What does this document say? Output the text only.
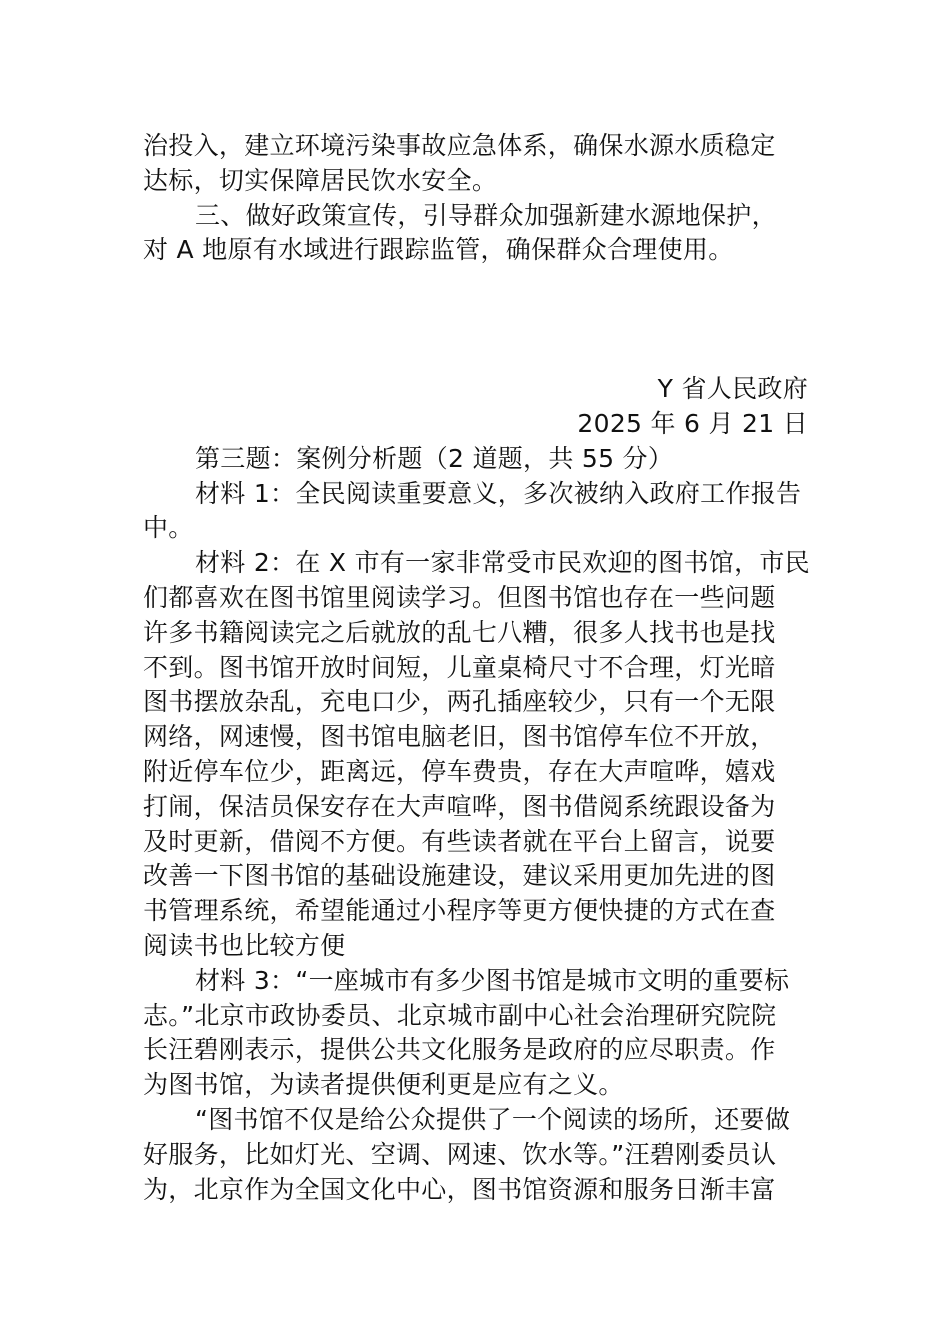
治投入，建立环境污染事故应急体系，确保水源水质稳定
达标，切实保障居民饮水安全。
三、做好政策宣传，引导群众加强新建水源地保护，
对 A 地原有水域进行跟踪监管，确保群众合理使用。
Y 省人民政府
2025 年 6 月 21 日
第三题：案例分析题（2 道题，共 55 分）
材料 1：全民阅读重要意义，多次被纳入政府工作报告
中。
材料 2：在 X 市有一家非常受市民欢迎的图书馆，市民
们都喜欢在图书馆里阅读学习。但图书馆也存在一些问题
许多书籍阅读完之后就放的乱七八糟，很多人找书也是找
不到。图书馆开放时间短，儿童桌椅尺寸不合理，灯光暗
图书摆放杂乱，充电口少，两孔插座较少，只有一个无限
网络，网速慢，图书馆电脑老旧，图书馆停车位不开放，
附近停车位少，距离远，停车费贵，存在大声喧哗，嬉戏
打闹，保洁员保安存在大声喧哗，图书借阅系统跟设备为
及时更新，借阅不方便。有些读者就在平台上留言，说要
改善一下图书馆的基础设施建设，建议采用更加先进的图
书管理系统，希望能通过小程序等更方便快捷的方式在查
阅读书也比较方便
材料 3：“一座城市有多少图书馆是城市文明的重要标
志。”北京市政协委员、北京城市副中心社会治理研究院院
长汪碧刚表示，提供公共文化服务是政府的应尽职责。作
为图书馆，为读者提供便利更是应有之义。
“图书馆不仅是给公众提供了一个阅读的场所，还要做
好服务，比如灯光、空调、网速、饮水等。”汪碧刚委员认
为，北京作为全国文化中心，图书馆资源和服务日渐丰富
